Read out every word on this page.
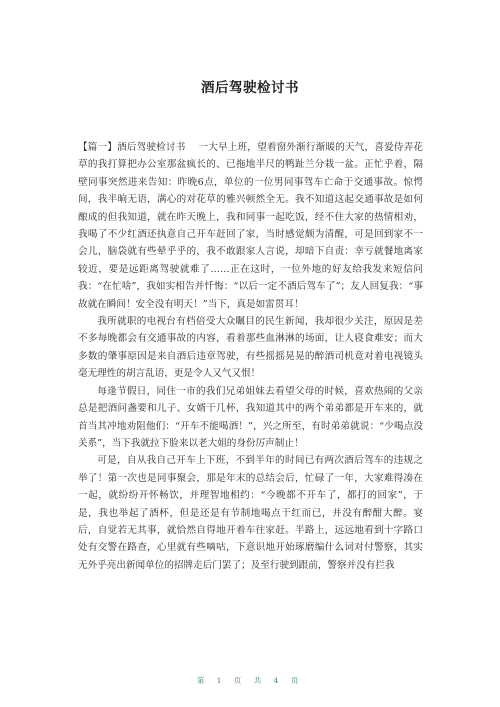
酒后驾驶检讨书

【篇一】酒后驾驶检讨书　 一大早上班，望着窗外渐行渐暖的天气，喜爱侍弄花草的我打算把办公室那盆疯长的、已拖地半尺的鸭趾兰分栽一盆。正忙乎着，隔壁同事突然进来告知：昨晚6点，单位的一位男同事驾车亡命于交通事故。惊愕间，我半晌无语，满心的对花草的雅兴顿然全无。我不知道这起交通事故是如何酿成的但我知道，就在昨天晚上，我和同事一起吃饭，经不住大家的热情相劝，我喝了不少红酒还执意自己开车赶回了家，当时感觉颇为清醒，可是回到家不一会儿，脑袋就有些晕乎乎的，我不敢跟家人言说，却暗下自责：幸亏就餐地离家较近，要是远距离驾驶就难了……正在这时，一位外地的好友给我发来短信问我：“在忙啥”，我如实相告并忏悔：“以后一定不酒后驾车了”；友人回复我：“事故就在瞬间！安全没有明天！”当下，真是如雷贯耳！

我所就职的电视台有档倍受大众瞩目的民生新闻，我却很少关注，原因是差不多每晚都会有交通事故的内容，看着那些血淋淋的场面，让人寝食难安；而大多数的肇事原因是来自酒后违章驾驶，有些摇摇晃晃的醉酒司机竟对着电视镜头毫无理性的胡言乱语，更是令人又气又恨！

每逢节假日，同住一市的我们兄弟姐妹去看望父母的时候，喜欢热闹的父亲总是把酒问盏要和儿子、女婿干几杯，我知道其中的两个弟弟都是开车来的，就首当其冲地劝阻他们：“开车不能喝酒！”，兴之所至，有时弟弟就说：“少喝点没关系”，当下我就拉下脸来以老大姐的身份厉声制止！

可是，自从我自己开车上下班，不到半年的时间已有两次酒后驾车的违规之举了！第一次也是同事聚会，那是年末的总结会后，忙碌了一年，大家难得凑在一起，就纷纷开怀畅饮，并理智地相约：“今晚都不开车了，都打的回家”，于是，我也举起了酒杯，但是还是有节制地喝点干红而已，并没有醉酣大醉。宴后，自觉若无其事，就恰然自得地开着车往家赶。半路上，远远地看到十字路口处有交警在路查，心里就有些嘀咕，下意识地开始琢磨编什么词对付警察，其实无外乎亮出新闻单位的招牌走后门罢了；及至行驶到跟前，警察并没有拦我

第 1 页 共 4 页
